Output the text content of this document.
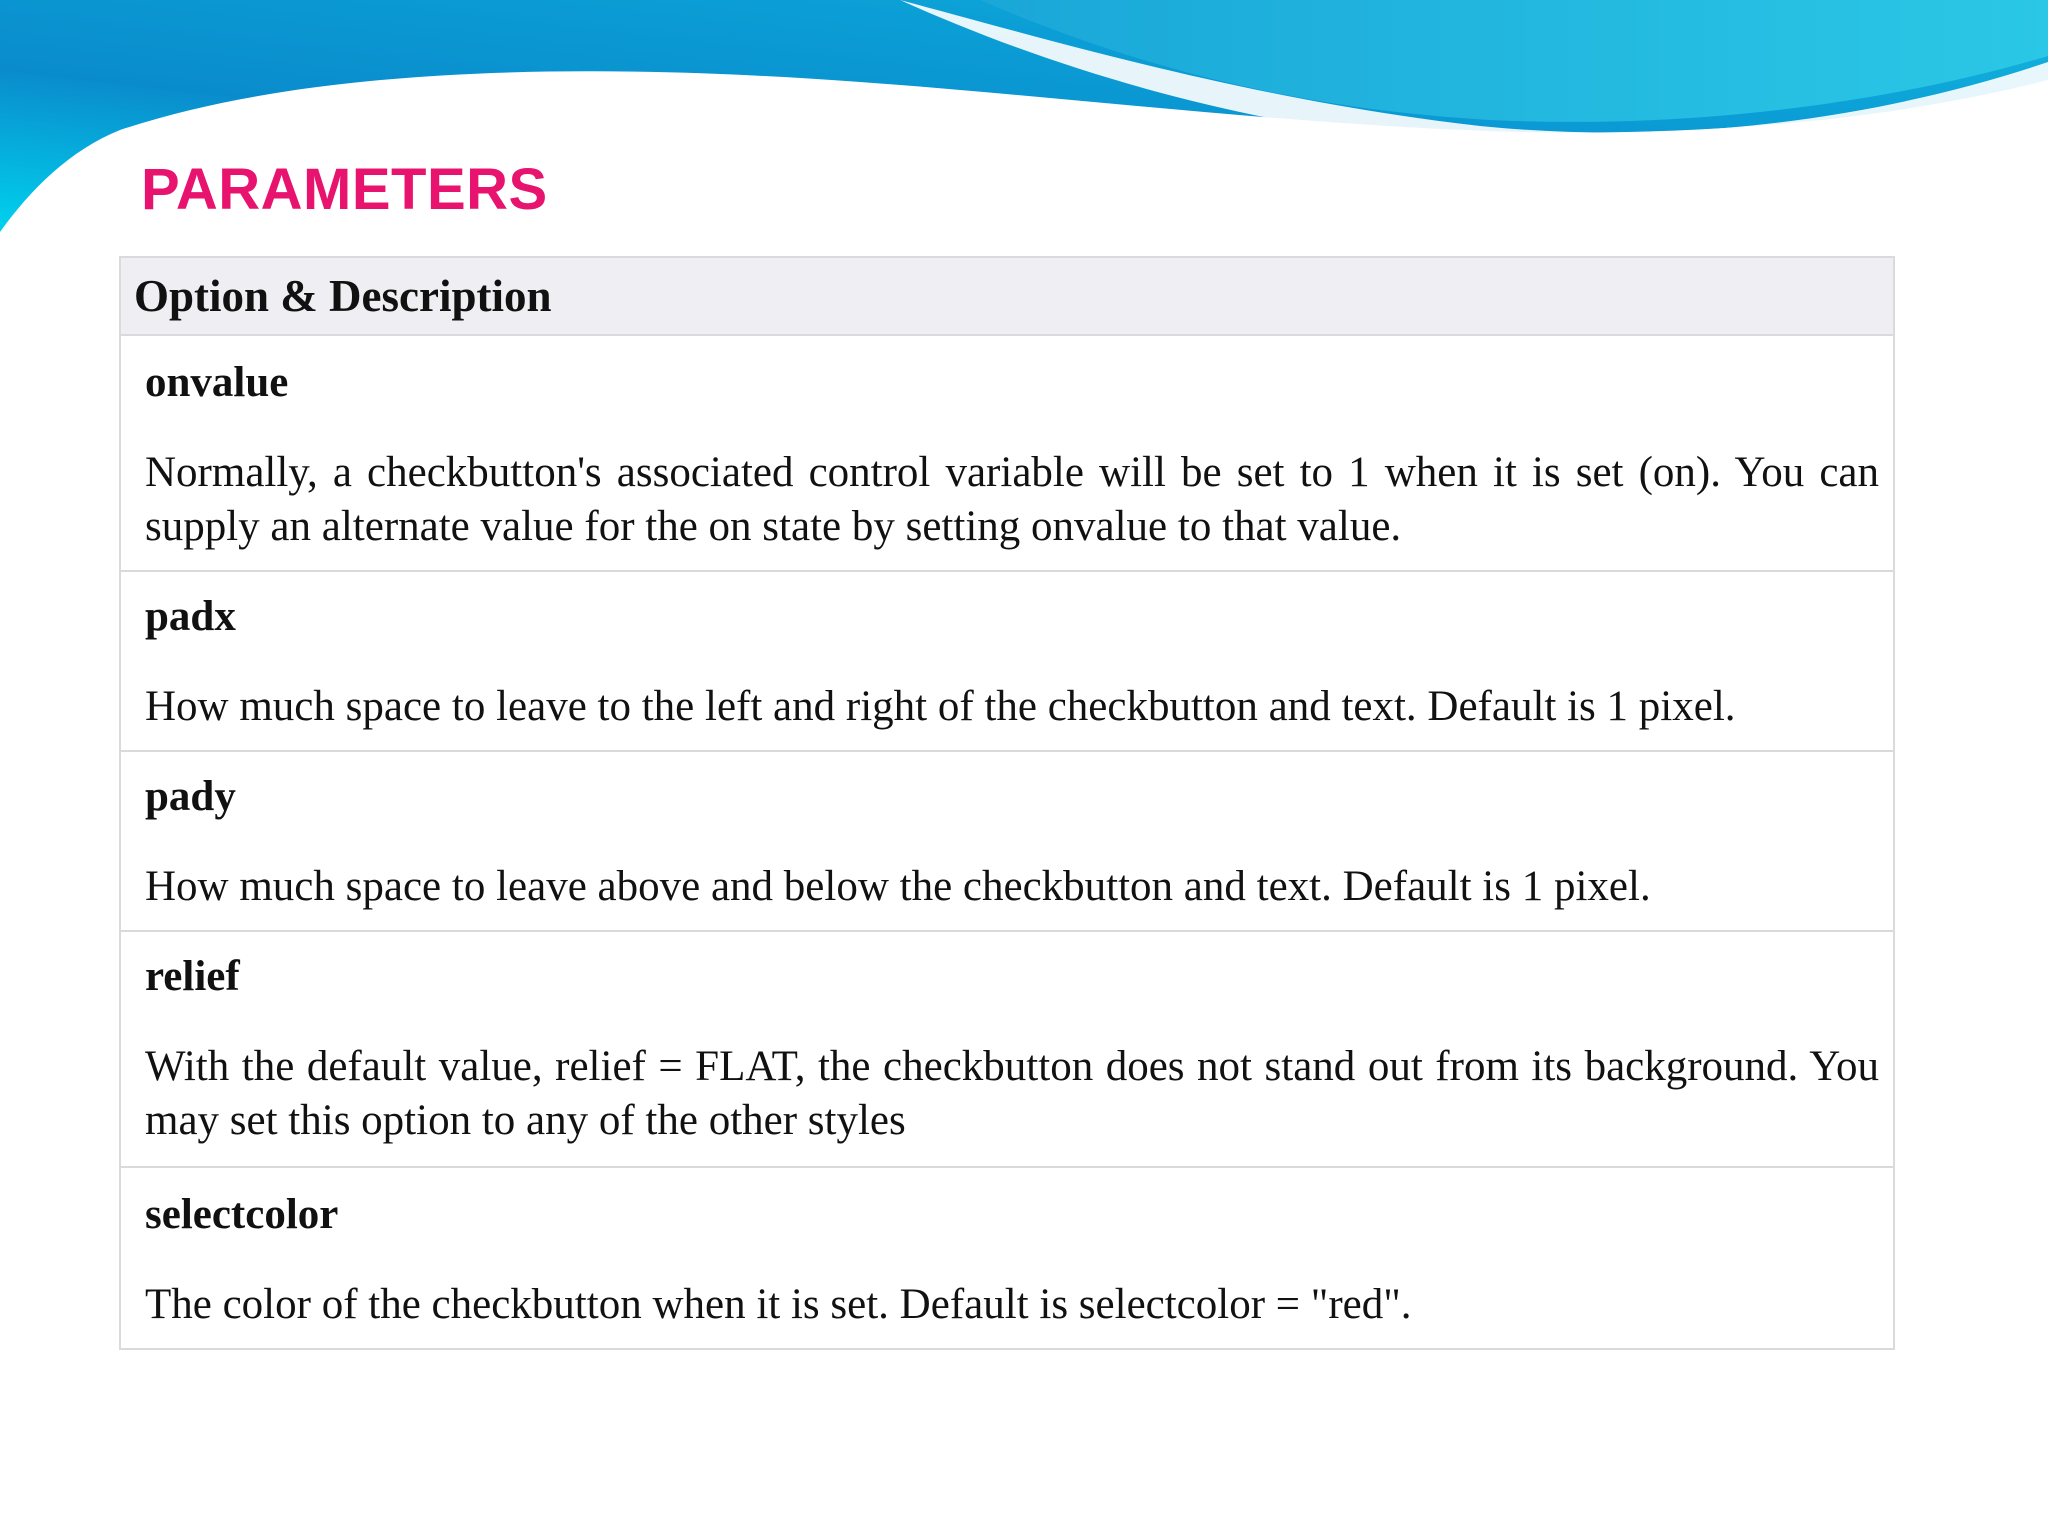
PARAMETERS
Option & Description

onvalue

Normally, a checkbutton's associated control variable will be set to 1 when it is set (on). You can supply an alternate value for the on state by setting onvalue to that value.

padx

How much space to leave to the left and right of the checkbutton and text. Default is 1 pixel.

pady

How much space to leave above and below the checkbutton and text. Default is 1 pixel.

relief

With the default value, relief = FLAT, the checkbutton does not stand out from its background. You may set this option to any of the other styles

selectcolor

The color of the checkbutton when it is set. Default is selectcolor = "red".
